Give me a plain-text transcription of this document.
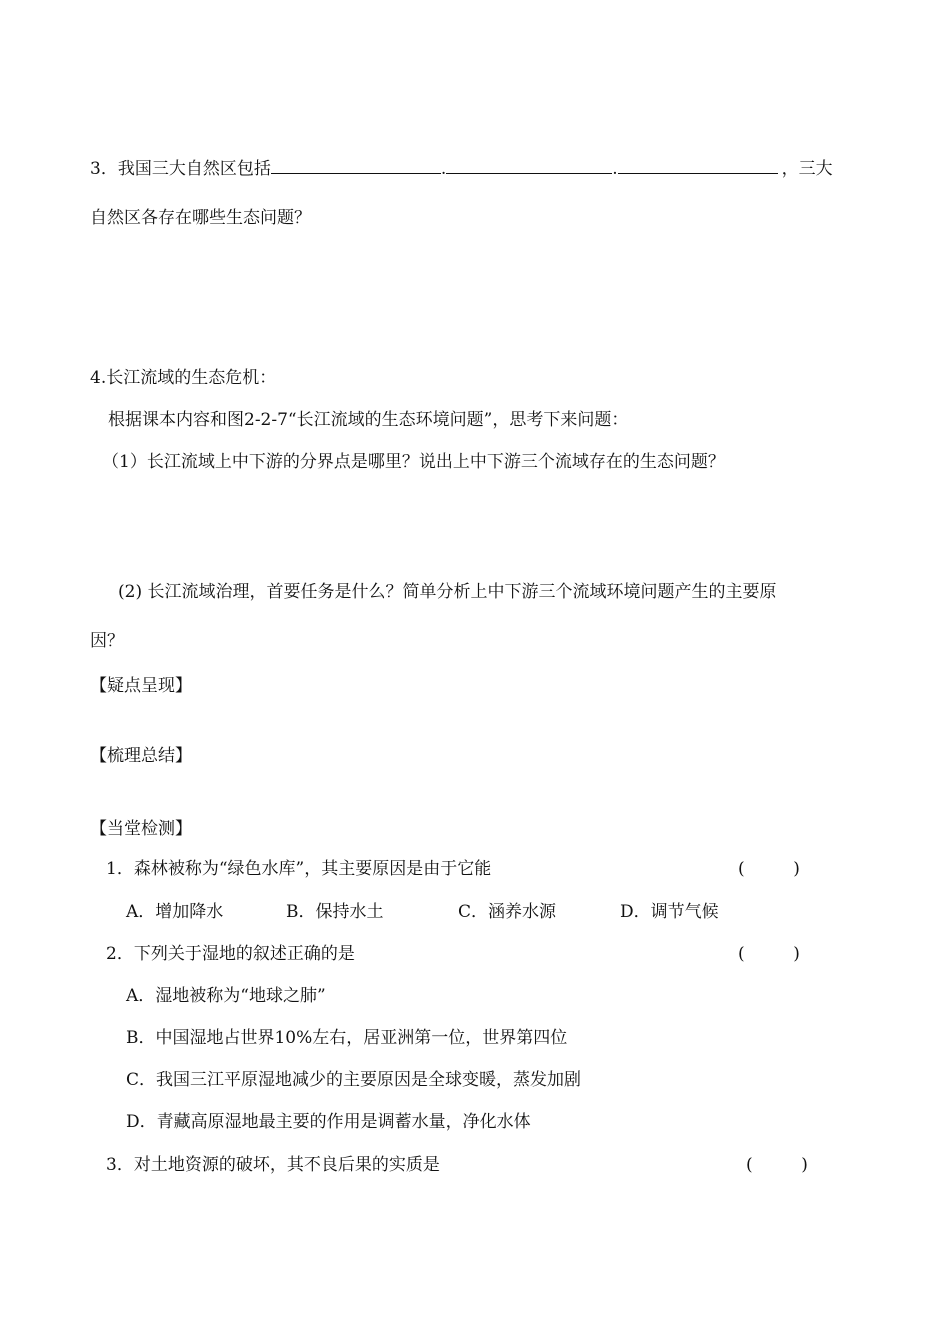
3．我国三大自然区包括	.	.	，三大
自然区各存在哪些生态问题？
4.长江流域的生态危机：
根据课本内容和图2-2-7“长江流域的生态环境问题”，思考下来问题：
（1）长江流域上中下游的分界点是哪里？说出上中下游三个流域存在的生态问题？
(2) 长江流域治理，首要任务是什么？简单分析上中下游三个流域环境问题产生的主要原
因？
【疑点呈现】
【梳理总结】
【当堂检测】
1．森林被称为“绿色水库”，其主要原因是由于它能	(         )
A．增加降水	B．保持水土	C．涵养水源	D．调节气候
2．下列关于湿地的叙述正确的是	(         )
A．湿地被称为“地球之肺”
B．中国湿地占世界10%左右，居亚洲第一位，世界第四位
C．我国三江平原湿地减少的主要原因是全球变暖，蒸发加剧
D．青藏高原湿地最主要的作用是调蓄水量，净化水体
3．对土地资源的破坏，其不良后果的实质是	(         )
